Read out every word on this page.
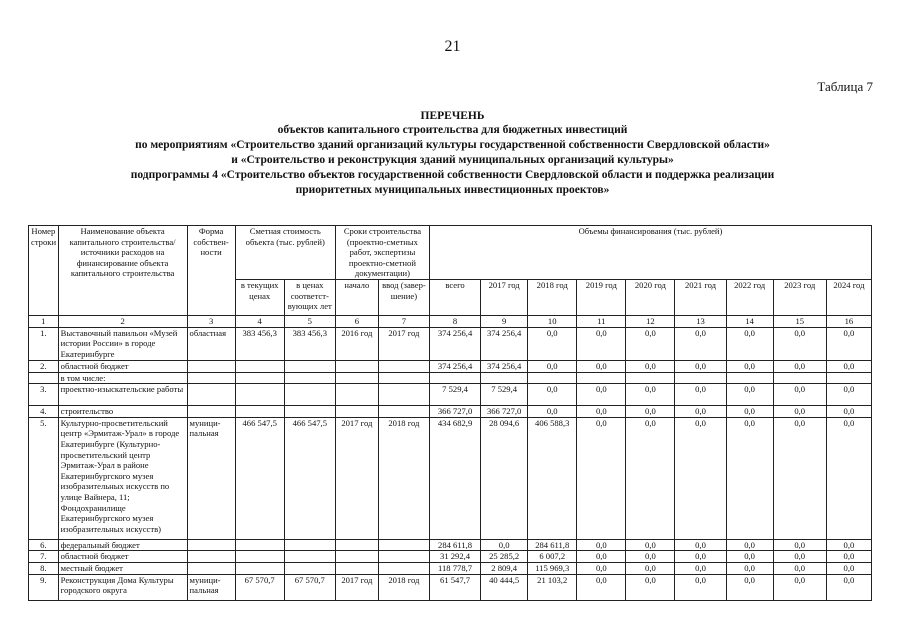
21
Таблица 7
ПЕРЕЧЕНЬ
объектов капитального строительства для бюджетных инвестиций
по мероприятиям «Строительство зданий организаций культуры государственной собственности Свердловской области»
и «Строительство и реконструкция зданий муниципальных организаций культуры»
подпрограммы 4 «Строительство объектов государственной собственности Свердловской области и поддержка реализации
приоритетных муниципальных инвестиционных проектов»
Номер строки	Наименование объекта капитального строительства/ источники расходов на финансирование объекта капитального строительства	Форма собствен-ности	Сметная стоимость объекта (тыс. рублей)		Сроки строительства (проектно-сметных работ, экспертизы проектно-сметной документации)		Объемы финансирования (тыс. рублей)								
			в текущих ценах	в ценах соответст-вующих лет	начало	ввод (завер-шение)	всего	2017 год	2018 год	2019 год	2020 год	2021 год	2022 год	2023 год	2024 год
1	2	3	4	5	6	7	8	9	10	11	12	13	14	15	16
1.	Выставочный павильон «Музей истории России» в городе Екатеринбурге	областная	383 456,3	383 456,3	2016 год	2017 год	374 256,4	374 256,4	0,0	0,0	0,0	0,0	0,0	0,0	0,0
2.	областной бюджет						374 256,4	374 256,4	0,0	0,0	0,0	0,0	0,0	0,0	0,0
	в том числе:														
3.	проектно-изыскательские работы						7 529,4	7 529,4	0,0	0,0	0,0	0,0	0,0	0,0	0,0
4.	строительство						366 727,0	366 727,0	0,0	0,0	0,0	0,0	0,0	0,0	0,0
5.	Культурно-просветительский центр «Эрмитаж-Урал» в городе Екатеринбурге (Культурно-просветительский центр Эрмитаж-Урал в районе Екатеринбургского музея изобразительных искусств по улице Вайнера, 11; Фондохранилище Екатеринбургского музея изобразительных искусств)	муници-пальная	466 547,5	466 547,5	2017 год	2018 год	434 682,9	28 094,6	406 588,3	0,0	0,0	0,0	0,0	0,0	0,0
6.	федеральный бюджет						284 611,8	0,0	284 611,8	0,0	0,0	0,0	0,0	0,0	0,0
7.	областной бюджет						31 292,4	25 285,2	6 007,2	0,0	0,0	0,0	0,0	0,0	0,0
8.	местный бюджет						118 778,7	2 809,4	115 969,3	0,0	0,0	0,0	0,0	0,0	0,0
9.	Реконструкция Дома Культуры городского округа	муници-пальная	67 570,7	67 570,7	2017 год	2018 год	61 547,7	40 444,5	21 103,2	0,0	0,0	0,0	0,0	0,0	0,0
